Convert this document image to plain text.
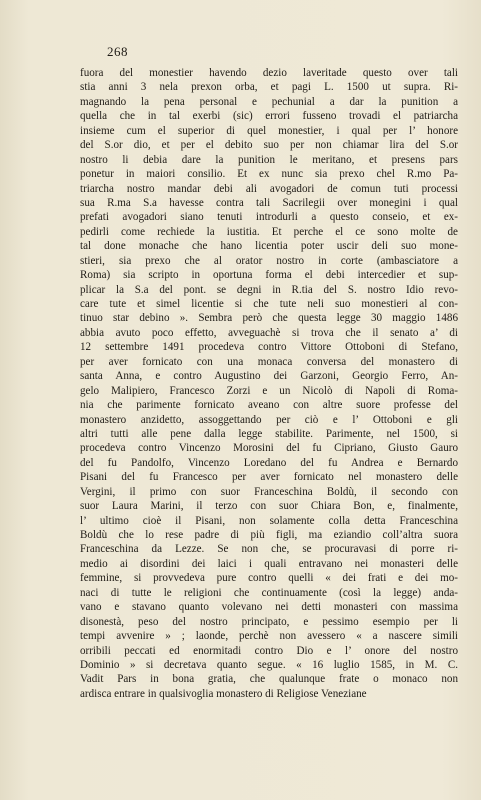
268
fuora del monestier havendo dezio laveritade questo over tali
stia anni 3 nela prexon orba, et pagi L. 1500 ut supra. Ri-
magnando la pena personal e pechunial a dar la punition a
quella che in tal exerbi (sic) errori fusseno trovadi el patriarcha
insieme cum el superior di quel monestier, i qual per l’ honore
del S.or dio, et per el debito suo per non chiamar lira del S.or
nostro li debia dare la punition le meritano, et presens pars
ponetur in maiori consilio. Et ex nunc sia prexo chel R.mo Pa-
triarcha nostro mandar debi ali avogadori de comun tuti processi
sua R.ma S.a havesse contra tali Sacrilegii over monegini i qual
prefati avogadori siano tenuti introdurli a questo conseio, et ex-
pedirli come rechiede la iustitia. Et perche el ce sono molte de
tal done monache che hano licentia poter uscir deli suo mone-
stieri, sia prexo che al orator nostro in corte (ambasciatore a
Roma) sia scripto in oportuna forma el debi intercedier et sup-
plicar la S.a del pont. se degni in R.tia del S. nostro Idio revo-
care tute et simel licentie si che tute neli suo monestieri al con-
tinuo star debino ». Sembra però che questa legge 30 maggio 1486
abbia avuto poco effetto, avveguachè si trova che il senato a’ di
12 settembre 1491 procedeva contro Vittore Ottoboni di Stefano,
per aver fornicato con una monaca conversa del monastero di
santa Anna, e contro Augustino dei Garzoni, Georgio Ferro, An-
gelo Malipiero, Francesco Zorzi e un Nicolò di Napoli di Roma-
nia che parimente fornicato aveano con altre suore professe del
monastero anzidetto, assoggettando per ciò e l’ Ottoboni e gli
altri tutti alle pene dalla legge stabilite. Parimente, nel 1500, si
procedeva contro Vincenzo Morosini del fu Cipriano, Giusto Gauro
del fu Pandolfo, Vincenzo Loredano del fu Andrea e Bernardo
Pisani del fu Francesco per aver fornicato nel monastero delle
Vergini, il primo con suor Franceschina Boldù, il secondo con
suor Laura Marini, il terzo con suor Chiara Bon, e, finalmente,
l’ ultimo cioè il Pisani, non solamente colla detta Franceschina
Boldù che lo rese padre di più figli, ma eziandio coll’altra suora
Franceschina da Lezze. Se non che, se procuravasi di porre ri-
medio ai disordini dei laici i quali entravano nei monasteri delle
femmine, si provvedeva pure contro quelli « dei frati e dei mo-
naci di tutte le religioni che continuamente (così la legge) anda-
vano e stavano quanto volevano nei detti monasteri con massima
disonestà, peso del nostro principato, e pessimo esempio per li
tempi avvenire » ; laonde, perchè non avessero « a nascere simili
orribili peccati ed enormitadi contro Dio e l’ onore del nostro
Dominio » si decretava quanto segue. « 16 luglio 1585, in M. C.
Vadit Pars in bona gratia, che qualunque frate o monaco non
ardisca entrare in qualsivoglia monastero di Religiose Veneziane
